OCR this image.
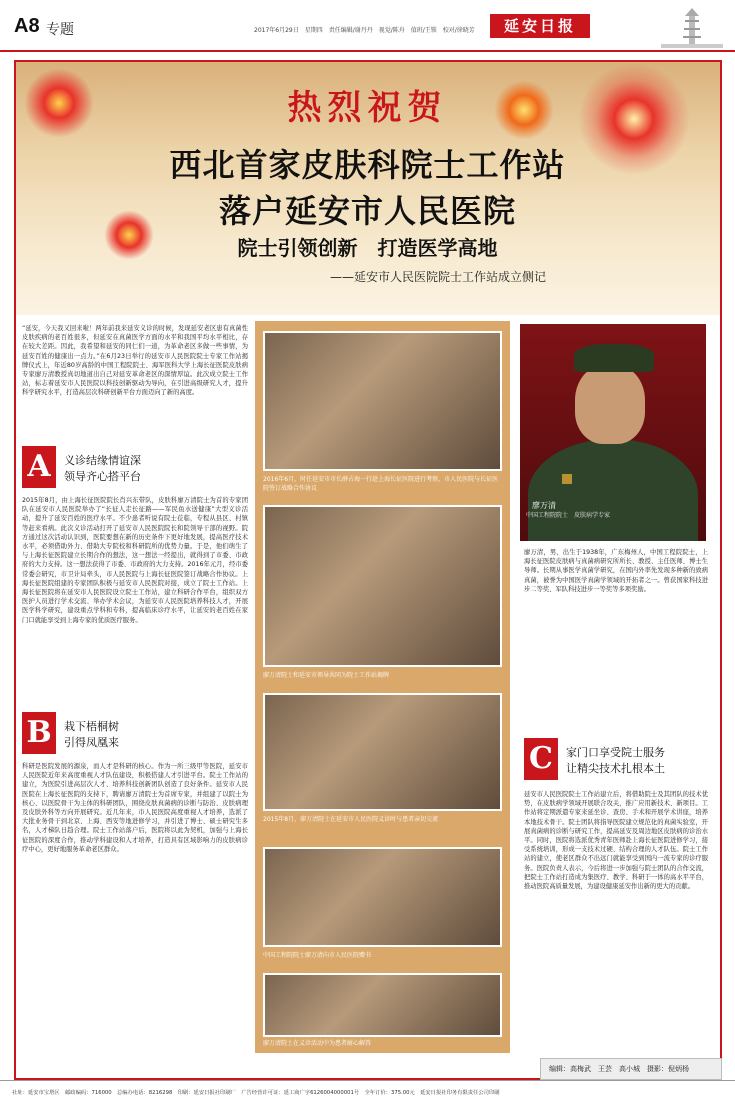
A8 专题	2017年6月29日　星期四　责任编辑/谢丹丹　视觉/陈舟　值班/王锁　校对/徐晓芳	延安日报
热烈祝贺
西北首家皮肤科院士工作站
落户延安市人民医院
院士引领创新　打造医学高地
——延安市人民医院院士工作站成立侧记
“延安，今天我又回来啦！两年前我来延安义诊的时候，发现延安老区患有真菌性皮肤疾病的老百姓很多，但延安在真菌医学方面的水平和我国平均水平相比，存在较大差距。因此，我希望和延安的同仁们一道，为革命老区多做一些事情，为延安百姓的健康出一点力。”在6月23日举行的延安市人民医院院士专家工作站揭牌仪式上，年近80岁高龄的中国工程院院士、海军医科大学上海长征医院皮肤病专家廖万清教授真切地道出自己对延安革命老区的深情厚谊。此次成立院士工作站，标志着延安市人民医院以科技创新驱动为导向，在引进高级研究人才，提升科学研究水平，打造高层次科研创新平台方面迈向了新的高度。
A	义诊结缘情谊深
领导齐心搭平台
2015年8月，由上海长征医院院长肖兴东带队，皮肤科廖万清院士为首的专家团队在延安市人民医院举办了“长征人走长征路——军民鱼水送健康”大型义诊活动，提升了延安百姓的医疗水平。不少患者听说有院士莅临，专程从县区、村镇等赶来看病。此次义诊活动打开了延安市人民医院院长和院领导干部的视野。院方通过这次活动认识到，医院要想在新的历史条件下更好地发展，提高医疗技术水平，必须借助外力、借助大专院校和科研院所的优势力量。于是，他们萌生了与上海长征医院建立长期合作的想法，这一想法一经提出，就得到了市委、市政府的大力支持。这一想法获得了市委、市政府的大力支持。2016年元月，经市委常委会研究，市卫计局牵头，市人民医院与上海长征医院签订战略合作协议。上海长征医院组建的专家团队积极与延安市人民医院对接，成立了院士工作站。上海长征医院将在延安市人民医院设立院士工作站，建立科研合作平台，组织双方医护人员进行学术交流、举办学术会议，为延安市人民医院培养科技人才，开展医学科学研究，建设重点学科和专科，提高临床诊疗水平，让延安的老百姓在家门口就能享受到上海专家的优质医疗服务。
B	栽下梧桐树
引得凤凰来
科研是医院发展的源泉，而人才是科研的核心。作为一所三级甲等医院，延安市人民医院近年来高度重视人才队伍建设，积极搭建人才引进平台。院士工作站的建立，为医院引进高层次人才、培养科技创新团队创造了良好条件。延安市人民医院在上海长征医院的支持下，聘请廖万清院士为首席专家，并组建了以院士为核心、以医院骨干为主体的科研团队，围绕皮肤真菌病的诊断与防治、皮肤病理及皮肤外科等方向开展研究。近几年来，市人民医院高度重视人才培养，选派了大批业务骨干到北京、上海、西安等地进修学习，并引进了博士、硕士研究生多名，人才梯队日趋合理。院士工作站落户后，医院将以此为契机，加强与上海长征医院的深度合作，推动学科建设和人才培养，打造具有区域影响力的皮肤病诊疗中心，更好地服务革命老区群众。
2016年6月，时任延安市市长薛占海一行赴上海长征医院进行考察，市人民医院与长征医院签订战略合作协议
廖万清院士和延安市领导共同为院士工作站揭牌
2015年8月，廖万清院士在延安市人民医院义诊时与患者亲切交流
中国工程院院士廖万清向市人民医院赠书
廖万清院士在义诊活动中为患者耐心解答
廖万清
中国工程院院士　皮肤病学专家
廖万清，男，出生于1938年，广东梅州人，中国工程院院士，上海长征医院皮肤病与真菌病研究所所长、教授、主任医师、博士生导师。长期从事医学真菌学研究，在国内外率先发现多种新的致病真菌，被誉为中国医学真菌学领域的开拓者之一。曾获国家科技进步二等奖、军队科技进步一等奖等多项奖励。
C	家门口享受院士服务
让精尖技术扎根本土
延安市人民医院院士工作站建立后，将借助院士及其团队的技术优势，在皮肤病学领域开展联合攻关，推广应用新技术、新项目。工作站将定期派遣专家来延坐诊、查房、手术和开展学术讲座，培养本地技术骨干。院士团队将指导医院建立规范化的真菌实验室，开展真菌病的诊断与研究工作，提高延安及周边地区皮肤病的诊治水平。同时，医院将选派优秀青年医师赴上海长征医院进修学习，接受系统培训，形成一支技术过硬、结构合理的人才队伍。院士工作站的建立，使老区群众不出远门就能享受到国内一流专家的诊疗服务。医院负责人表示，今后将进一步加强与院士团队的合作交流，把院士工作站打造成为集医疗、教学、科研于一体的高水平平台，推动医院高质量发展，为建设健康延安作出新的更大的贡献。
编辑：高梅武　王芸　高小城　摄影：倪炳杨
社址：延安市宝塔区　邮政编码：716000　总编办电话：8216298　印刷：延安日报社印刷厂　广告经营许可证：延工商广字6126004000001号　全年订价：375.00元　延安日报社印务有限责任公司印刷
